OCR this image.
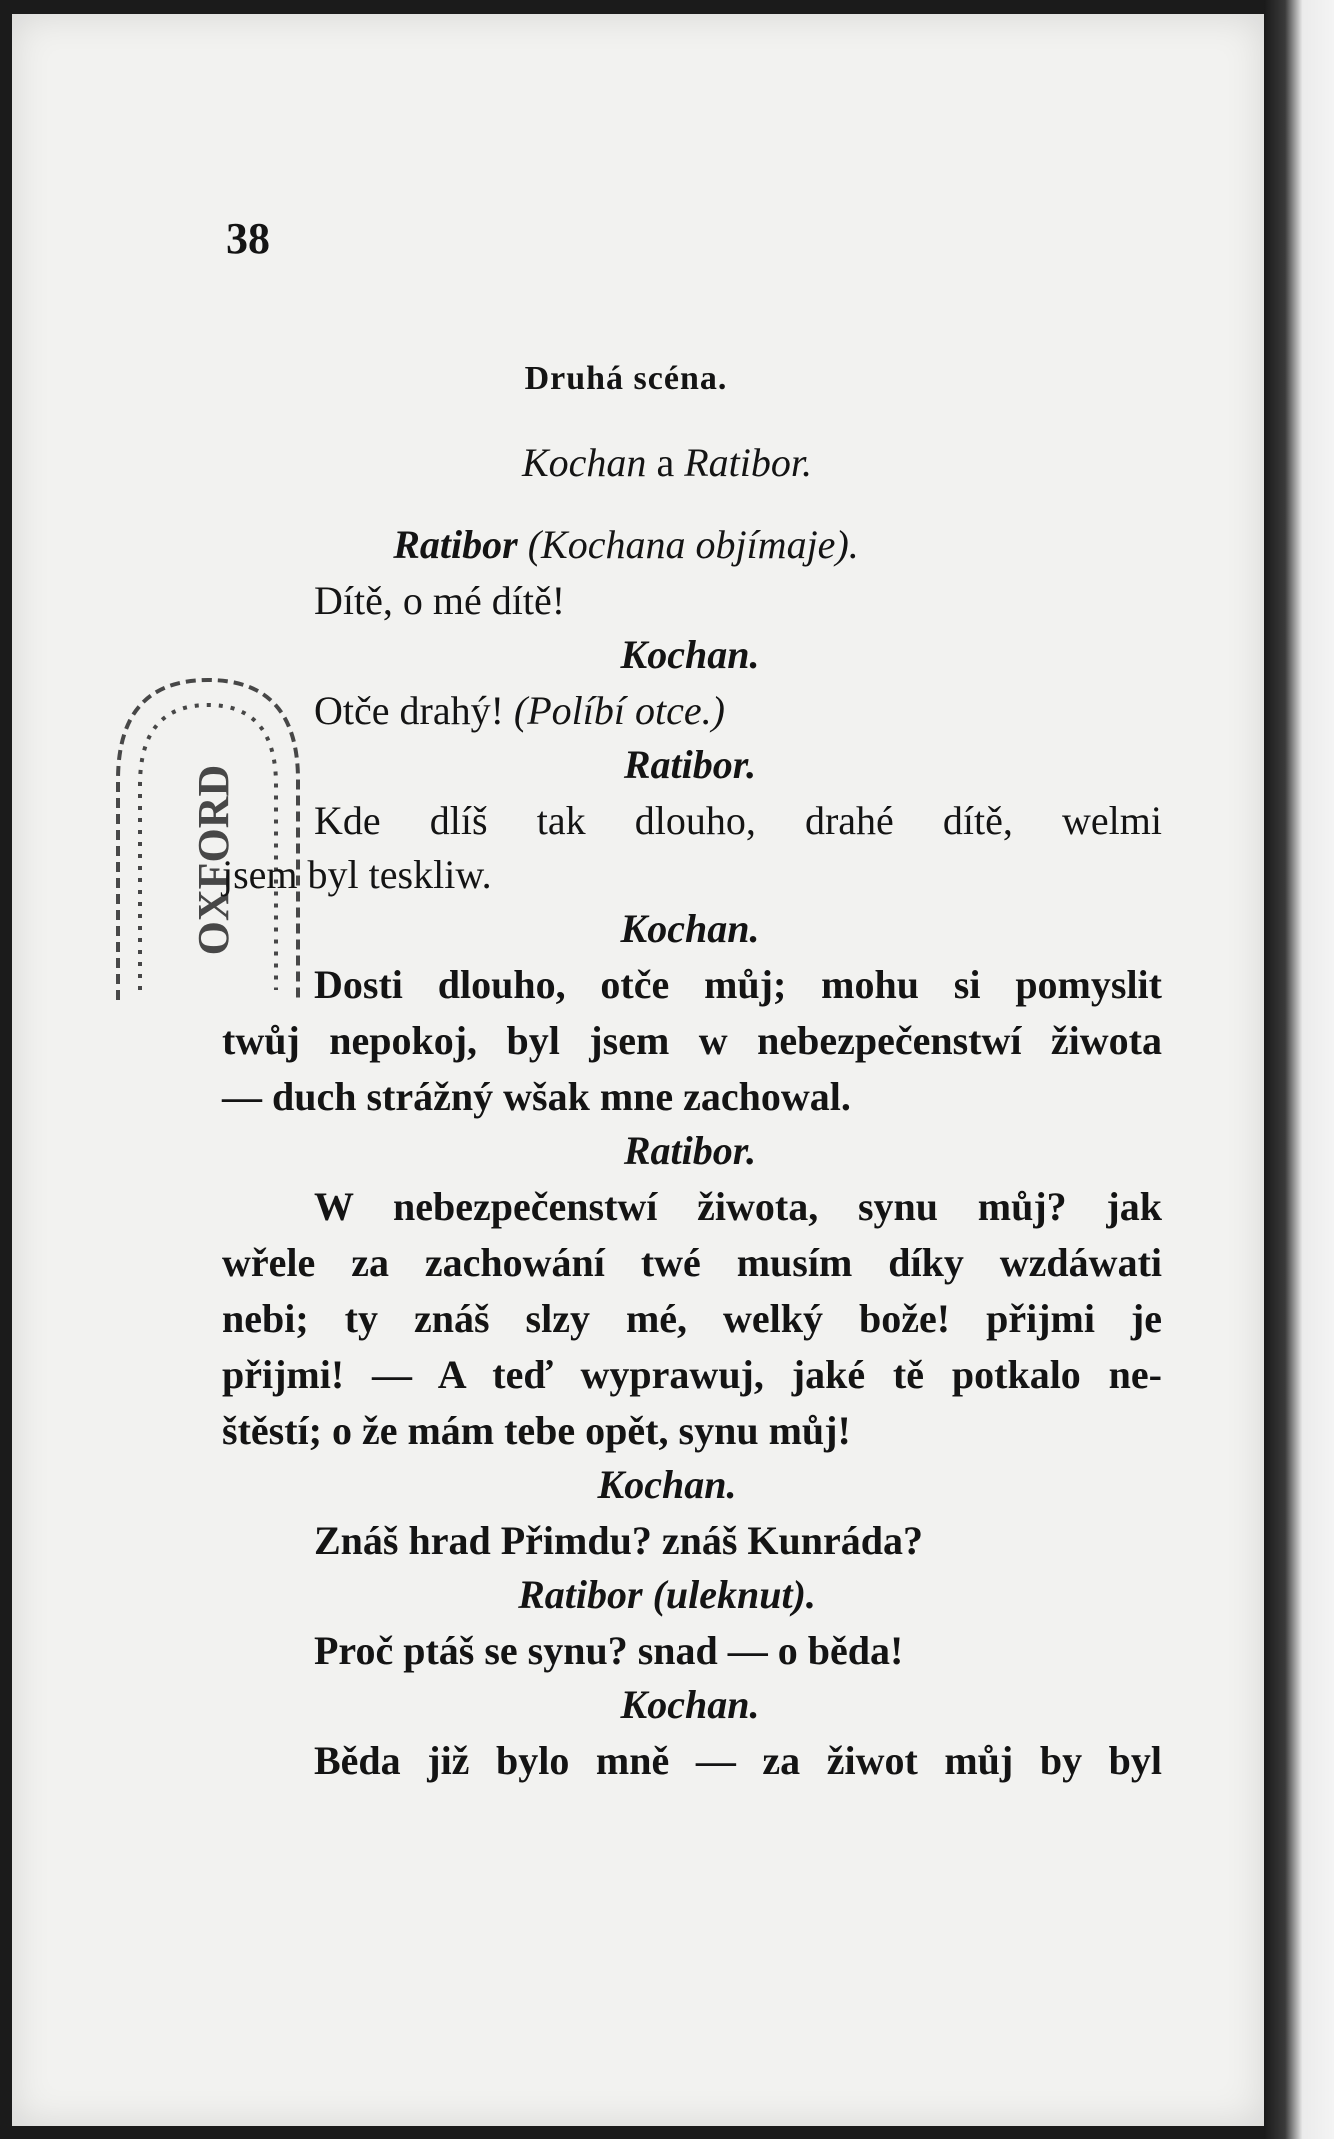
38
Druhá scéna.
Kochan a Ratibor.
OXFORD
Ratibor (Kochana objímaje).
Dítě, o mé dítě!
Kochan.
Otče drahý! (Políbí otce.)
Ratibor.
Kde dlíš tak dlouho, drahé dítě, welmi
jsem byl teskliw.
Kochan.
Dosti dlouho, otče můj; mohu si pomyslit
twůj nepokoj, byl jsem w nebezpečenstwí žiwota
— duch strážný wšak mne zachowal.
Ratibor.
W nebezpečenstwí žiwota, synu můj? jak
wřele za zachowání twé musím díky wzdáwati
nebi; ty znáš slzy mé, welký bože! přijmi je
přijmi! — A teď wyprawuj, jaké tě potkalo ne-
štěstí; o že mám tebe opět, synu můj!
Kochan.
Znáš hrad Přimdu? znáš Kunráda?
Ratibor (uleknut).
Proč ptáš se synu? snad — o běda!
Kochan.
Běda již bylo mně — za žiwot můj by byl
